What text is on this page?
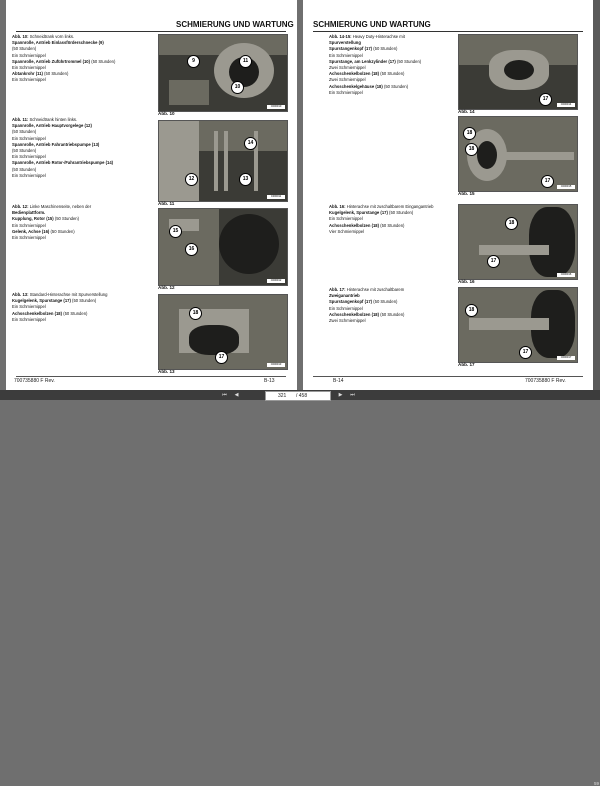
SCHMIERUNG UND WARTUNG
Abb. 10: Schneidtrank vorn links.
Spannrolle, Antrieb Einlassförderschnecke (9)
(50 Stunden)
Ein Schmiernippel
Spannrolle, Antrieb Zuführtrommel (10) (50 Stunden)
Ein Schmiernippel
Abtankrohr (11) (50 Stunden)
Ein Schmiernippel
Abb. 11: Schneidtrank hinten links.
Spannrolle, Antrieb Hauptvorgelege (12)
(50 Stunden)
Ein Schmiernippel
Spannrolle, Antrieb Fahrantriebspumpe (13)
(50 Stunden)
Ein Schmiernippel
Spannrolle, Antrieb Rotor-/Fahrantriebspumpe (14)
(50 Stunden)
Ein Schmiernippel
Abb. 12: Linke Maschinenseite, neben der
Bedienplattform.
Kupplung, Rotor (15) (50 Stunden)
Ein Schmiernippel
Gelenk, Achse (16) (50 Stunden)
Ein Schmiernippel
Abb. 13: Standard-Hinterachse mit Spurverstellung
Kugelgelenk, Spurstange (17) (50 Stunden)
Ein Schmiernippel
Achsschenkelbolzen (18) (50 Stunden)
Ein Schmiernippel
9	11
10
C000010
Abb. 10
14
12	13
C000011
Abb. 11
15
16
C000012
Abb. 12
18
17
C000013
Abb. 13
700735880 F Rev.	B-13
SCHMIERUNG UND WARTUNG
Abb. 14-15: Heavy Duty-Hinterachse mit
Spurverstellung
Spurstangenkopf (17) (50 Stunden)
Ein Schmiernippel
Spurstange, am Lenkzylinder (17) (50 Stunden)
Zwei Schmiernippel
Achsschenkelbolzen (18) (50 Stunden)
Zwei Schmiernippel
Achsschenkelgehäuse (18) (50 Stunden)
Ein Schmiernippel
Abb. 16: Hinterachse mit zuschaltbarem Eingangantrieb
Kugelgelenk, Spurstange (17) (50 Stunden)
Ein Schmiernippel
Achsschenkelbolzen (18) (50 Stunden)
Vier Schmiernippel
Abb. 17: Hinterachse mit zuschaltbarem
Zweiganantrieb
Spurstangenkopf (17) (50 Stunden)
Ein Schmiernippel
Achsschenkelbolzen (18) (50 Stunden)
Zwei Schmiernippel
17
C000014
Abb. 14
18
18
17
C000015
Abb. 15
18
17
C000016
Abb. 16
18
17
C000017
Abb. 17
B-14	700735880 F Rev.
⏮	◀	321 / 458	▶	⏭
59
